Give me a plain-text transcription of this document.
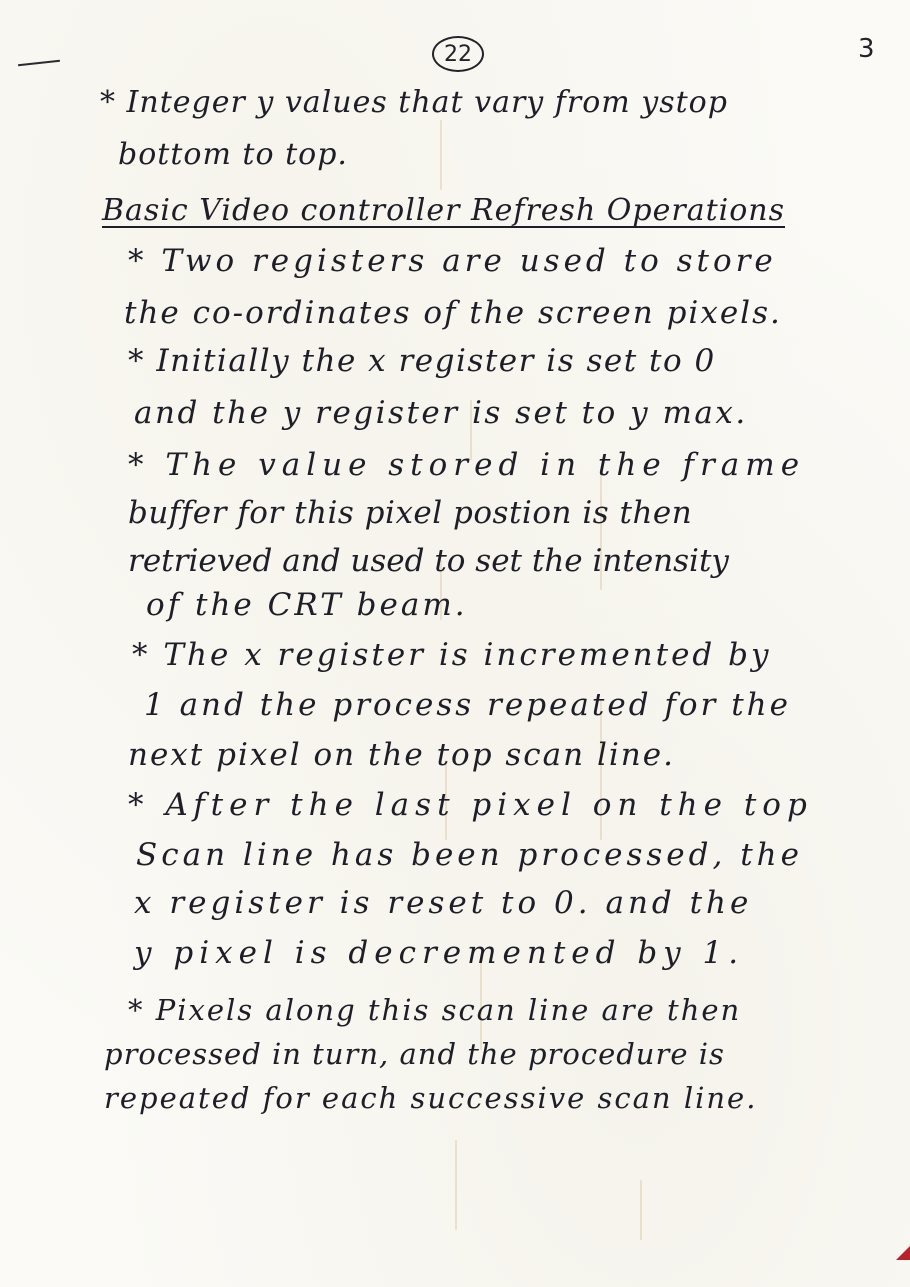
22	3
* Integer y values that vary from ystop
bottom to top.
Basic Video controller Refresh Operations
* Two registers are used to store
the co-ordinates of the screen pixels.
* Initially the x register is set to 0
and the y register is set to y max.
* The value stored in the frame
buffer for this pixel postion is then
retrieved and used to set the intensity
of the CRT beam.
* The x register is incremented by
1 and the process repeated for the
next pixel on the top scan line.
* After the last pixel on the top
Scan line has been processed, the
x register is reset to 0. and the
y pixel is decremented by 1.
* Pixels along this scan line are then
processed in turn, and the procedure is
repeated for each successive scan line.
